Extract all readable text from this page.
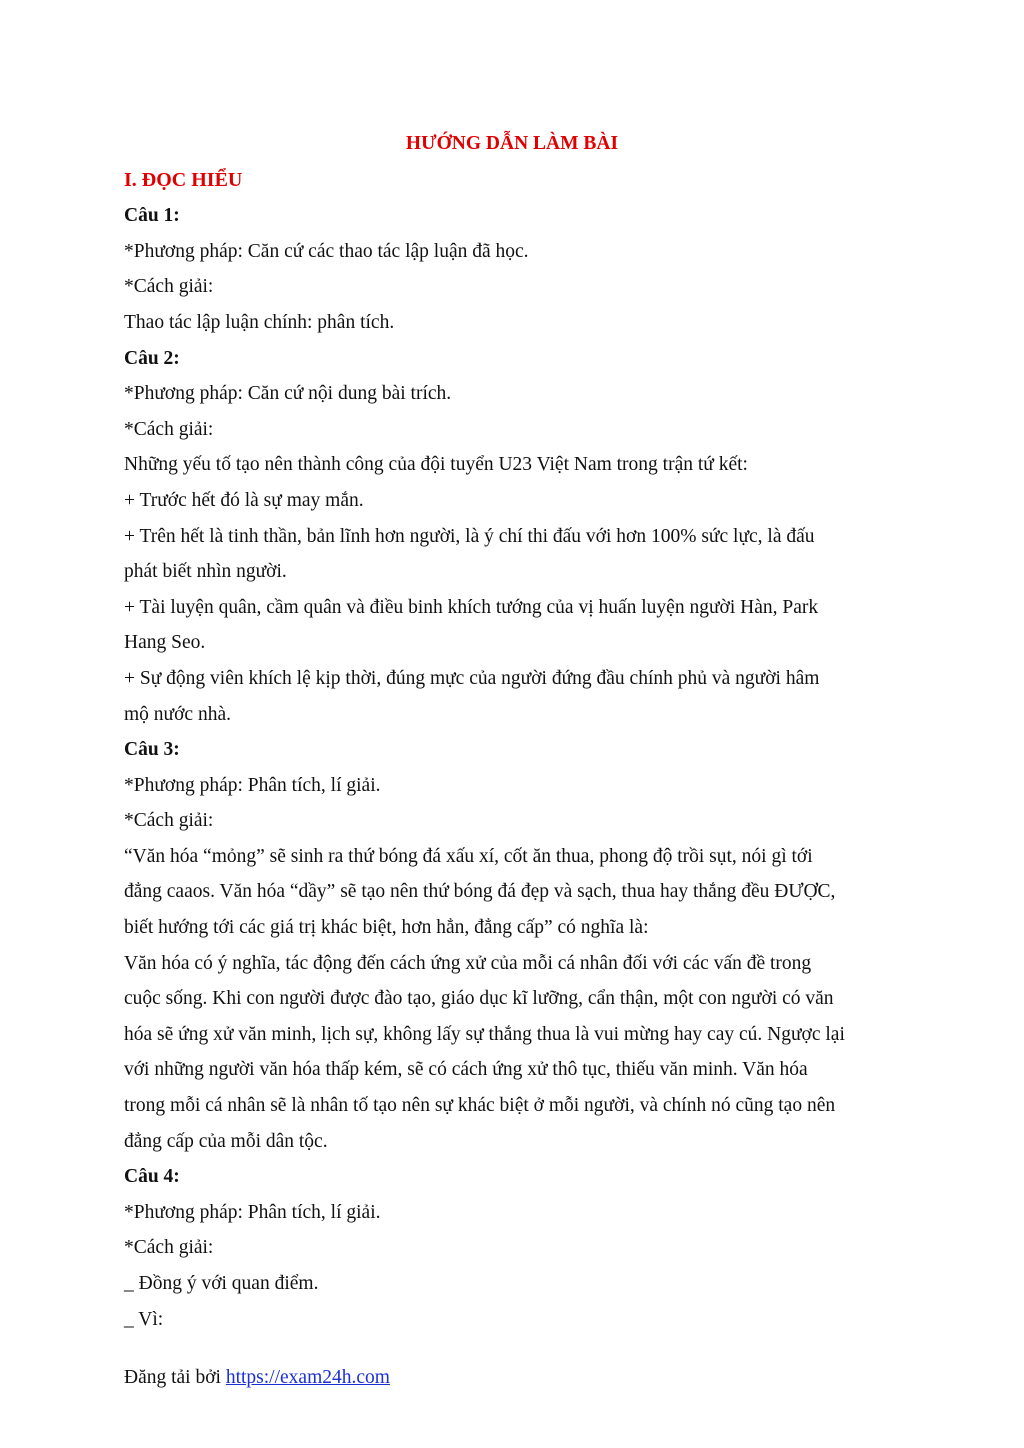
HƯỚNG DẪN LÀM BÀI

I. ĐỌC HIỂU

Câu 1:

*Phương pháp: Căn cứ các thao tác lập luận đã học.

*Cách giải:

Thao tác lập luận chính: phân tích.

Câu 2:

*Phương pháp: Căn cứ nội dung bài trích.

*Cách giải:

Những yếu tố tạo nên thành công của đội tuyển U23 Việt Nam trong trận tứ kết:

+ Trước hết đó là sự may mắn.

+ Trên hết là tinh thần, bản lĩnh hơn người, là ý chí thi đấu với hơn 100% sức lực, là đấu

phát biết nhìn người.

+ Tài luyện quân, cầm quân và điều binh khích tướng của vị huấn luyện người Hàn, Park

Hang Seo.

+ Sự động viên khích lệ kịp thời, đúng mực của người đứng đầu chính phủ và người hâm

mộ nước nhà.

Câu 3:

*Phương pháp: Phân tích, lí giải.

*Cách giải:

“Văn hóa “mỏng” sẽ sinh ra thứ bóng đá xấu xí, cốt ăn thua, phong độ trồi sụt, nói gì tới

đẳng caaos. Văn hóa “dầy” sẽ tạo nên thứ bóng đá đẹp và sạch, thua hay thắng đều ĐƯỢC,

biết hướng tới các giá trị khác biệt, hơn hẳn, đẳng cấp” có nghĩa là:

Văn hóa có ý nghĩa, tác động đến cách ứng xử của mỗi cá nhân đối với các vấn đề trong

cuộc sống. Khi con người được đào tạo, giáo dục kĩ lưỡng, cẩn thận, một con người có văn

hóa sẽ ứng xử văn minh, lịch sự, không lấy sự thắng thua là vui mừng hay cay cú. Ngược lại

với những người văn hóa thấp kém, sẽ có cách ứng xử thô tục, thiếu văn minh. Văn hóa

trong mỗi cá nhân sẽ là nhân tố tạo nên sự khác biệt ở mỗi người, và chính nó cũng tạo nên

đẳng cấp của mỗi dân tộc.

Câu 4:

*Phương pháp: Phân tích, lí giải.

*Cách giải:

_ Đồng ý với quan điểm.

_ Vì:

Đăng tải bởi https://exam24h.com
